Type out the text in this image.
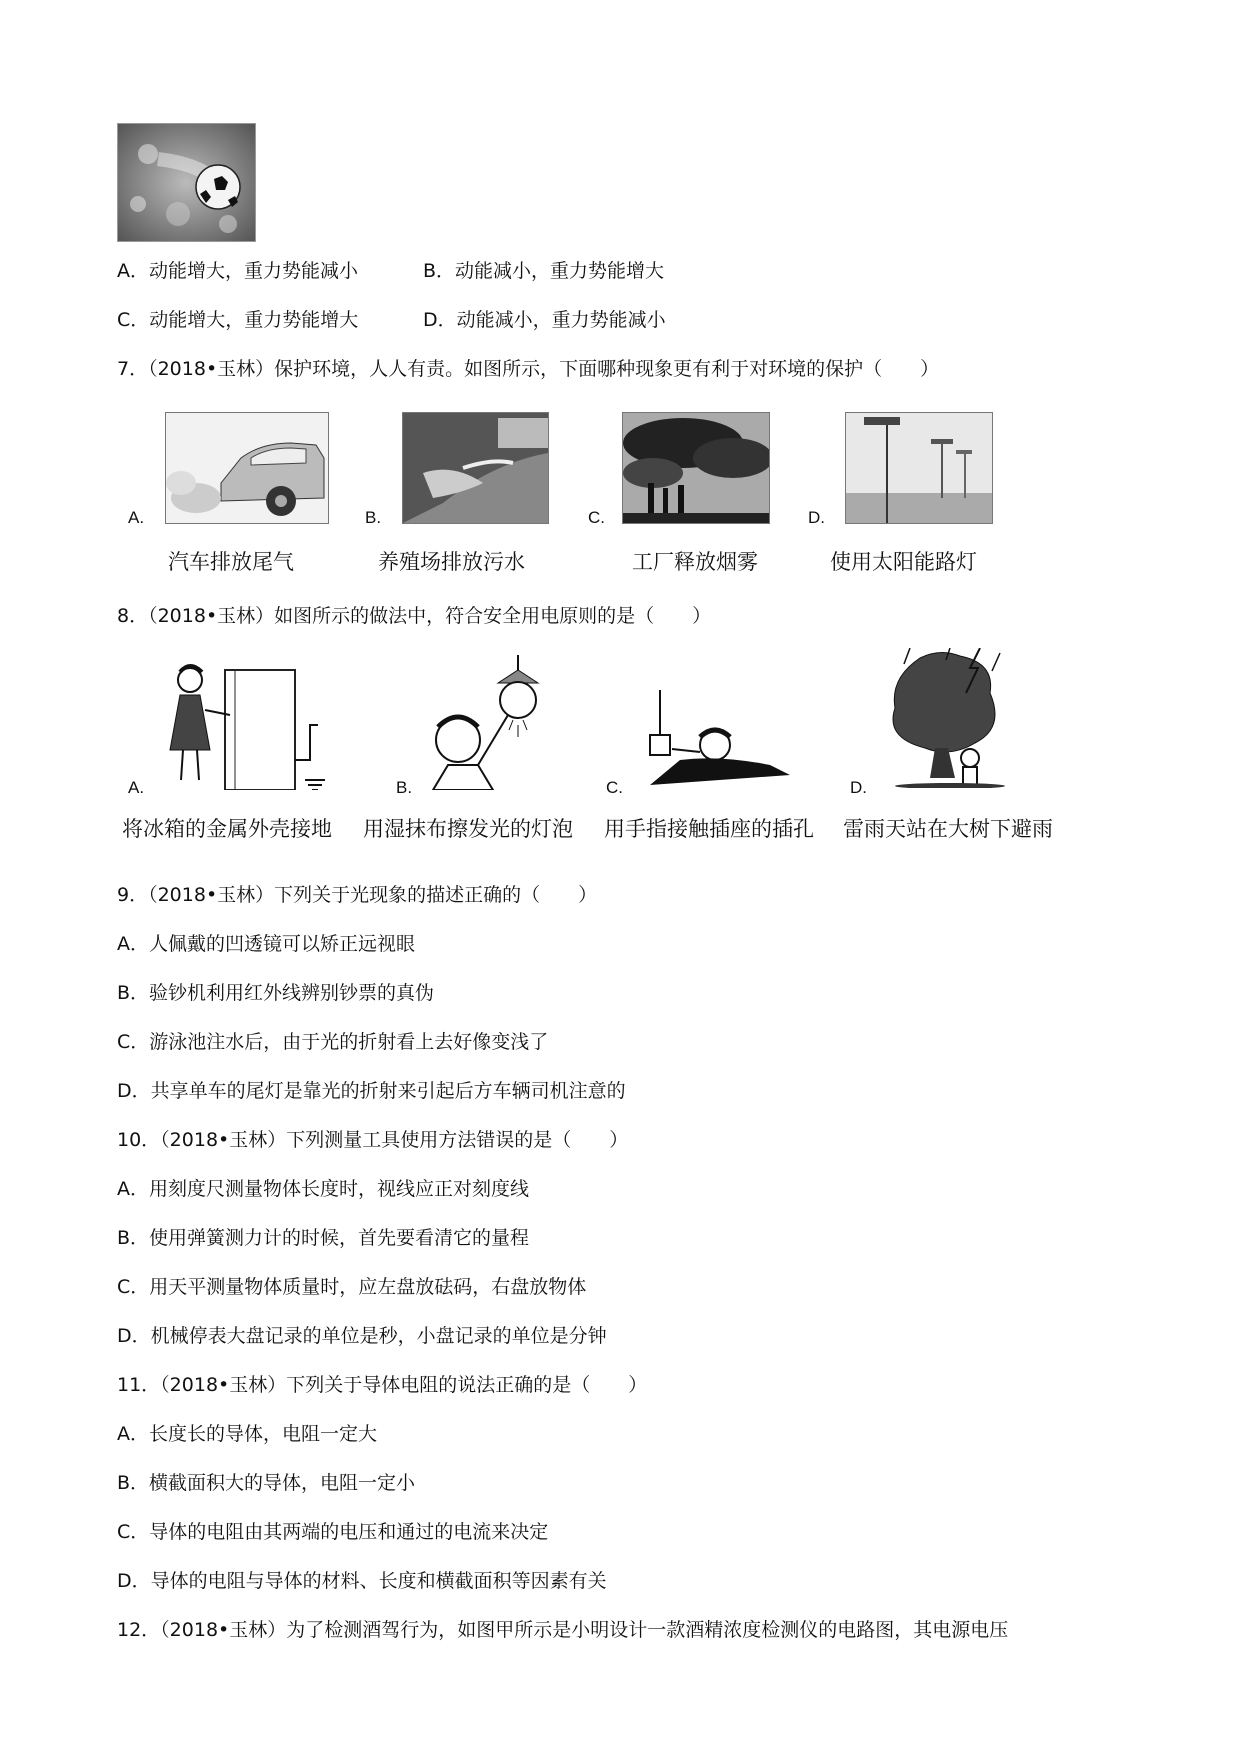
A．动能增大，重力势能减小	B．动能减小，重力势能增大
C．动能增大，重力势能增大	D．动能减小，重力势能减小
7．（2018•玉林）保护环境，人人有责。如图所示，下面哪种现象更有利于对环境的保护（　　）
A.
汽车排放尾气
B.
养殖场排放污水
C.
工厂释放烟雾
D.
使用太阳能路灯
8．（2018•玉林）如图所示的做法中，符合安全用电原则的是（　　）
A.
将冰箱的金属外壳接地
B.
用湿抹布擦发光的灯泡
C.
用手指接触插座的插孔
D.
雷雨天站在大树下避雨
9．（2018•玉林）下列关于光现象的描述正确的（　　）
A．人佩戴的凹透镜可以矫正远视眼
B．验钞机利用红外线辨别钞票的真伪
C．游泳池注水后，由于光的折射看上去好像变浅了
D．共享单车的尾灯是靠光的折射来引起后方车辆司机注意的
10．（2018•玉林）下列测量工具使用方法错误的是（　　）
A．用刻度尺测量物体长度时，视线应正对刻度线
B．使用弹簧测力计的时候，首先要看清它的量程
C．用天平测量物体质量时，应左盘放砝码，右盘放物体
D．机械停表大盘记录的单位是秒，小盘记录的单位是分钟
11．（2018•玉林）下列关于导体电阻的说法正确的是（　　）
A．长度长的导体，电阻一定大
B．横截面积大的导体，电阻一定小
C．导体的电阻由其两端的电压和通过的电流来决定
D．导体的电阻与导体的材料、长度和横截面积等因素有关
12．（2018•玉林）为了检测酒驾行为，如图甲所示是小明设计一款酒精浓度检测仪的电路图，其电源电压
